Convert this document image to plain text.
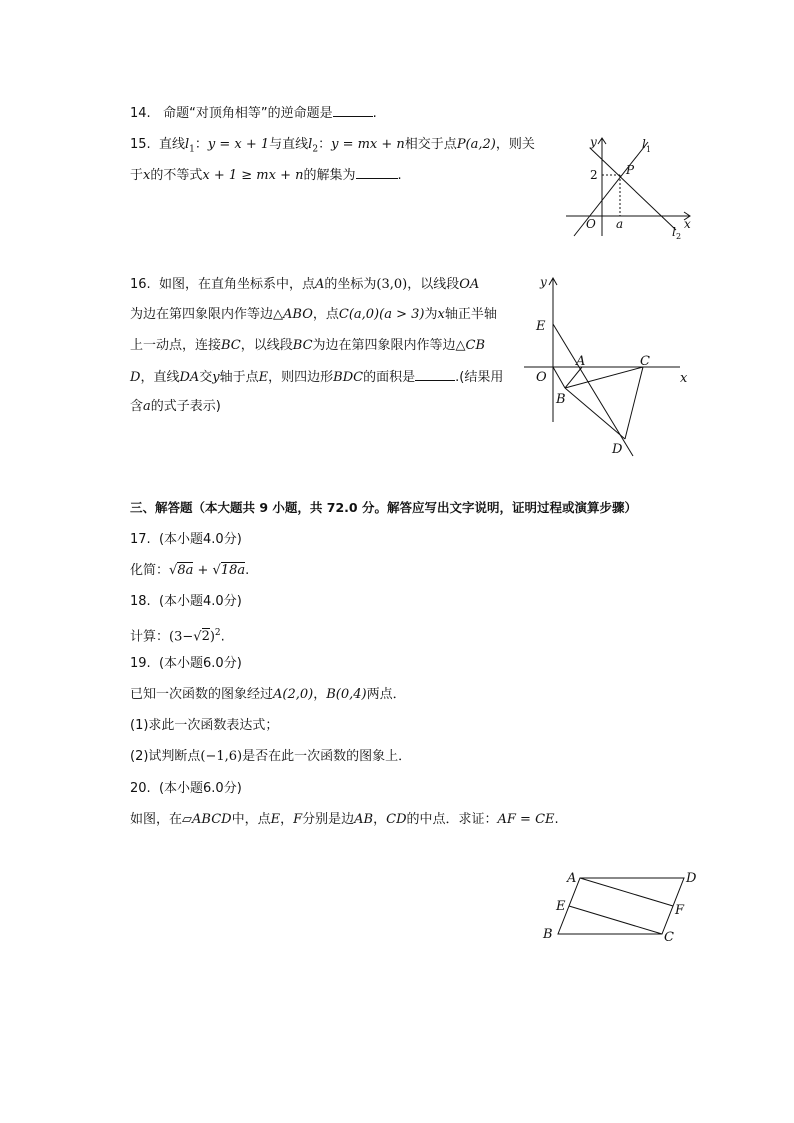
14. 命题“对顶角相等”的逆命题是	.
15. 直线$l_1$：y = x + 1与直线$l_2$：y = mx + n相交于点P(a,2)，则关
于x的不等式x + 1 ≥ mx + n的解集为	.
y
x
O a
2 P
l 1
l 2
16. 如图，在直角坐标系中，点A的坐标为(3,0)，以线段OA
为边在第四象限内作等边△ABO，点C(a,0)(a > 3)为x轴正半轴
上一动点，连接BC，以线段BC为边在第四象限内作等边△CB
D，直线DA交y轴于点E，则四边形BDC的面积是	.(结果用
含a的式子表示)
y
x
O
E
A
B
C
D
三、解答题（本大题共 9 小题，共 72.0 分。解答应写出文字说明，证明过程或演算步骤）
17. (本小题4.0分)
化简：√8a + √18a.
18. (本小题4.0分)
计算：$(3-√2)^2$.
19. (本小题6.0分)
已知一次函数的图象经过A(2,0)，B(0,4)两点．
(1)求此一次函数表达式；
(2)试判断点(−1,6)是否在此一次函数的图象上．
20. (本小题6.0分)
如图，在▱ABCD中，点E，F分别是边AB，CD的中点．求证：AF = CE.
A	D
E	F
B	C
